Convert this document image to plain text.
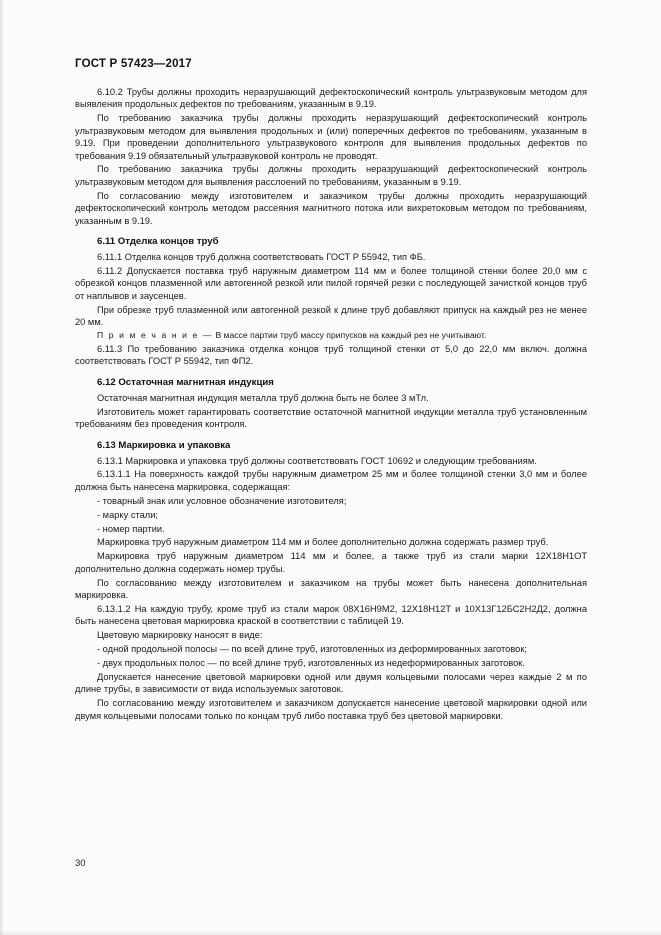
ГОСТ Р 57423—2017

6.10.2 Трубы должны проходить неразрушающий дефектоскопический контроль ультразвуковым методом для выявления продольных дефектов по требованиям, указанным в 9.19.

По требованию заказчика трубы должны проходить неразрушающий дефектоскопический контроль ультразвуковым методом для выявления продольных и (или) поперечных дефектов по требованиям, указанным в 9.19. При проведении дополнительного ультразвукового контроля для выявления продольных дефектов по требования 9.19 обязательный ультразвуковой контроль не проводят.

По требованию заказчика трубы должны проходить неразрушающий дефектоскопический контроль ультразвуковым методом для выявления расслоений по требованиям, указанным в 9.19.

По согласованию между изготовителем и заказчиком трубы должны проходить неразрушающий дефектоскопический контроль методом рассеяния магнитного потока или вихретоковым методом по требованиям, указанным в 9.19.

6.11 Отделка концов труб

6.11.1 Отделка концов труб должна соответствовать ГОСТ Р 55942, тип ФБ.

6.11.2 Допускается поставка труб наружным диаметром 114 мм и более толщиной стенки более 20,0 мм с обрезкой концов плазменной или автогенной резкой или пилой горячей резки с последующей зачисткой концов труб от наплывов и заусенцев.

При обрезке труб плазменной или автогенной резкой к длине труб добавляют припуск на каждый рез не менее 20 мм.

П р и м е ч а н и е — В массе партии труб массу припусков на каждый рез не учитывают.

6.11.3 По требованию заказчика отделка концов труб толщиной стенки от 5,0 до 22,0 мм включ. должна соответствовать ГОСТ Р 55942, тип ФП2.

6.12 Остаточная магнитная индукция

Остаточная магнитная индукция металла труб должна быть не более 3 мТл.

Изготовитель может гарантировать соответствие остаточной магнитной индукции металла труб установленным требованиям без проведения контроля.

6.13 Маркировка и упаковка

6.13.1 Маркировка и упаковка труб должны соответствовать ГОСТ 10692 и следующим требованиям.

6.13.1.1 На поверхность каждой трубы наружным диаметром 25 мм и более толщиной стенки 3,0 мм и более должна быть нанесена маркировка, содержащая:

- товарный знак или условное обозначение изготовителя;

- марку стали;

- номер партии.

Маркировка труб наружным диаметром 114 мм и более дополнительно должна содержать размер труб.

Маркировка труб наружным диаметром 114 мм и более, а также труб из стали марки 12Х18Н1ОТ дополнительно должна содержать номер трубы.

По согласованию между изготовителем и заказчиком на трубы может быть нанесена дополнительная маркировка.

6.13.1.2 На каждую трубу, кроме труб из стали марок 08Х16Н9М2, 12Х18Н12Т и 10Х13Г12БС2Н2Д2, должна быть нанесена цветовая маркировка краской в соответствии с таблицей 19.

Цветовую маркировку наносят в виде:

- одной продольной полосы — по всей длине труб, изготовленных из деформированных заготовок;

- двух продольных полос — по всей длине труб, изготовленных из недеформированных заготовок.

Допускается нанесение цветовой маркировки одной или двумя кольцевыми полосами через каждые 2 м по длине трубы, в зависимости от вида используемых заготовок.

По согласованию между изготовителем и заказчиком допускается нанесение цветовой маркировки одной или двумя кольцевыми полосами только по концам труб либо поставка труб без цветовой маркировки.

30
